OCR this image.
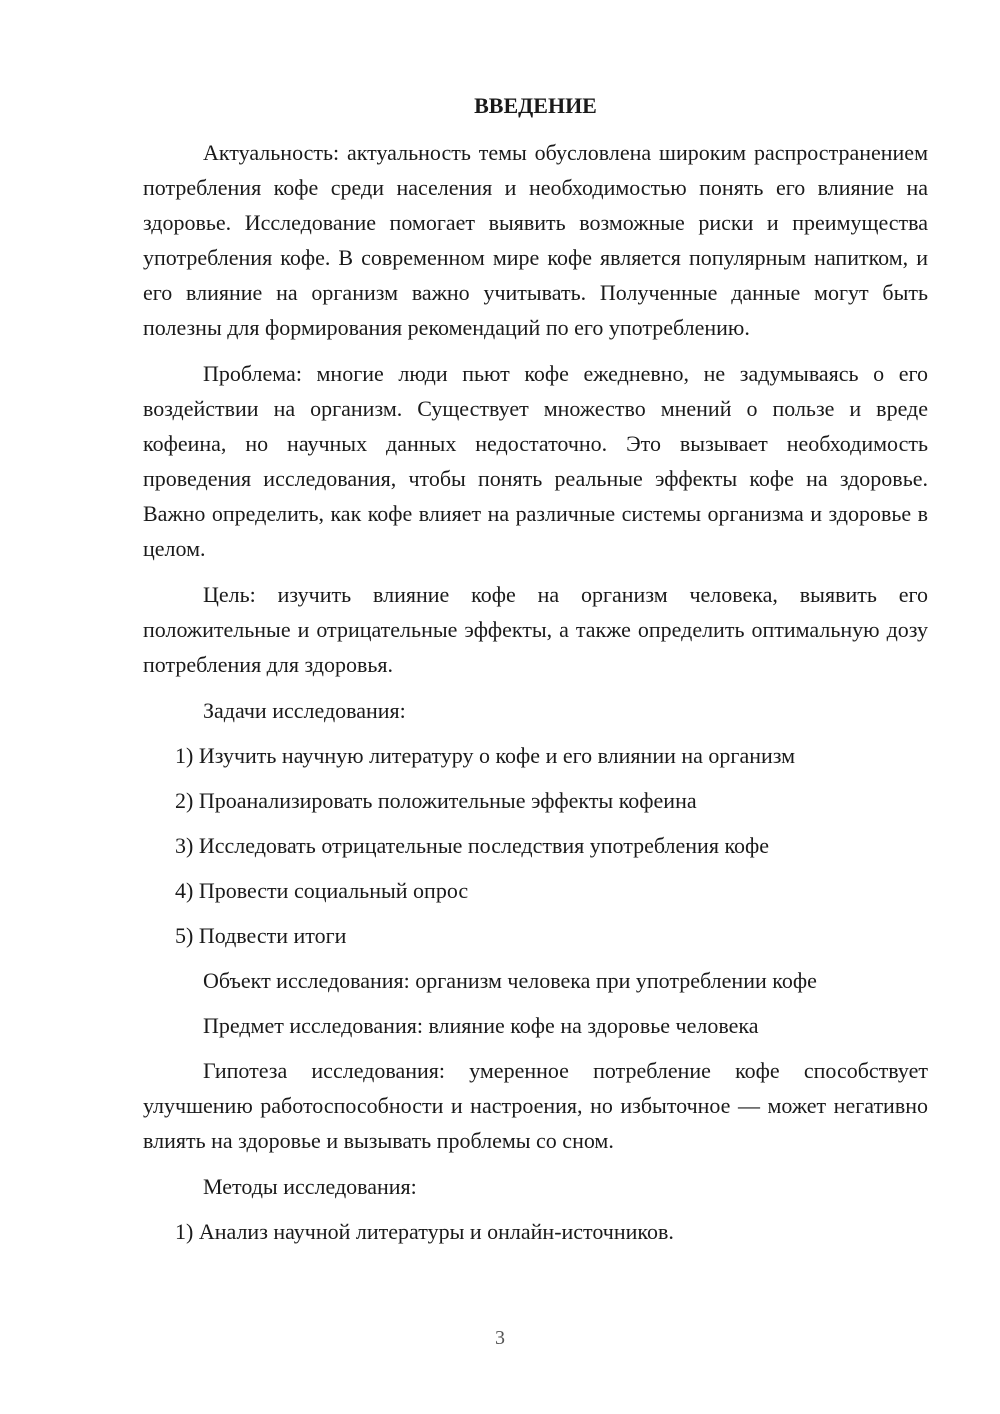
ВВЕДЕНИЕ

Актуальность: актуальность темы обусловлена широким распространением потребления кофе среди населения и необходимостью понять его влияние на здоровье. Исследование помогает выявить возможные риски и преимущества употребления кофе. В современном мире кофе является популярным напитком, и его влияние на организм важно учитывать. Полученные данные могут быть полезны для формирования рекомендаций по его употреблению.

Проблема: многие люди пьют кофе ежедневно, не задумываясь о его воздействии на организм. Существует множество мнений о пользе и вреде кофеина, но научных данных недостаточно. Это вызывает необходимость проведения исследования, чтобы понять реальные эффекты кофе на здоровье. Важно определить, как кофе влияет на различные системы организма и здоровье в целом.

Цель: изучить влияние кофе на организм человека, выявить его положительные и отрицательные эффекты, а также определить оптимальную дозу потребления для здоровья.

Задачи исследования:
1) Изучить научную литературу о кофе и его влиянии на организм
2) Проанализировать положительные эффекты кофеина
3) Исследовать отрицательные последствия употребления кофе
4) Провести социальный опрос
5) Подвести итоги
Объект исследования: организм человека при употреблении кофе
Предмет исследования: влияние кофе на здоровье человека

Гипотеза исследования: умеренное потребление кофе способствует улучшению работоспособности и настроения, но избыточное — может негативно влиять на здоровье и вызывать проблемы со сном.

Методы исследования:
1) Анализ научной литературы и онлайн-источников.
3
